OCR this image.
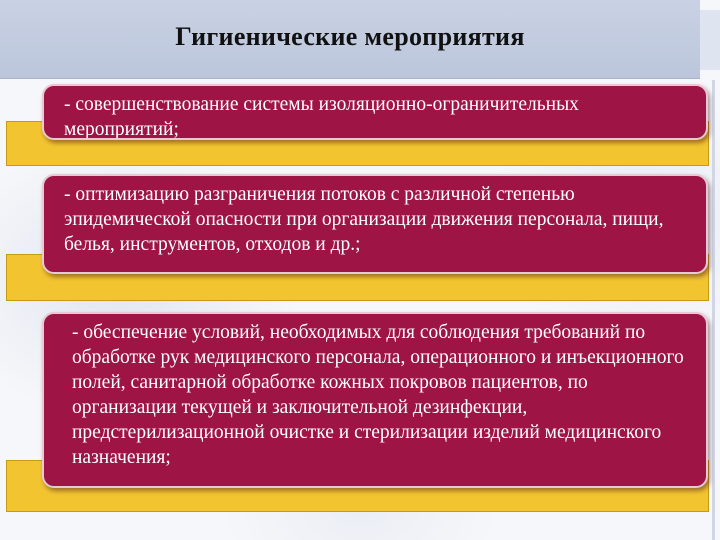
Гигиенические мероприятия
- совершенствование системы изоляционно-ограничительных мероприятий;
- оптимизацию разграничения потоков с различной степенью эпидемической опасности при организации движения персонала, пищи, белья, инструментов, отходов и др.;
- обеспечение условий, необходимых для соблюдения требований по обработке рук медицинского персонала, операционного и инъекционного полей, санитарной обработке кожных покровов пациентов, по организации текущей и заключительной дезинфекции, предстерилизационной очистке и стерилизации изделий медицинского назначения;
